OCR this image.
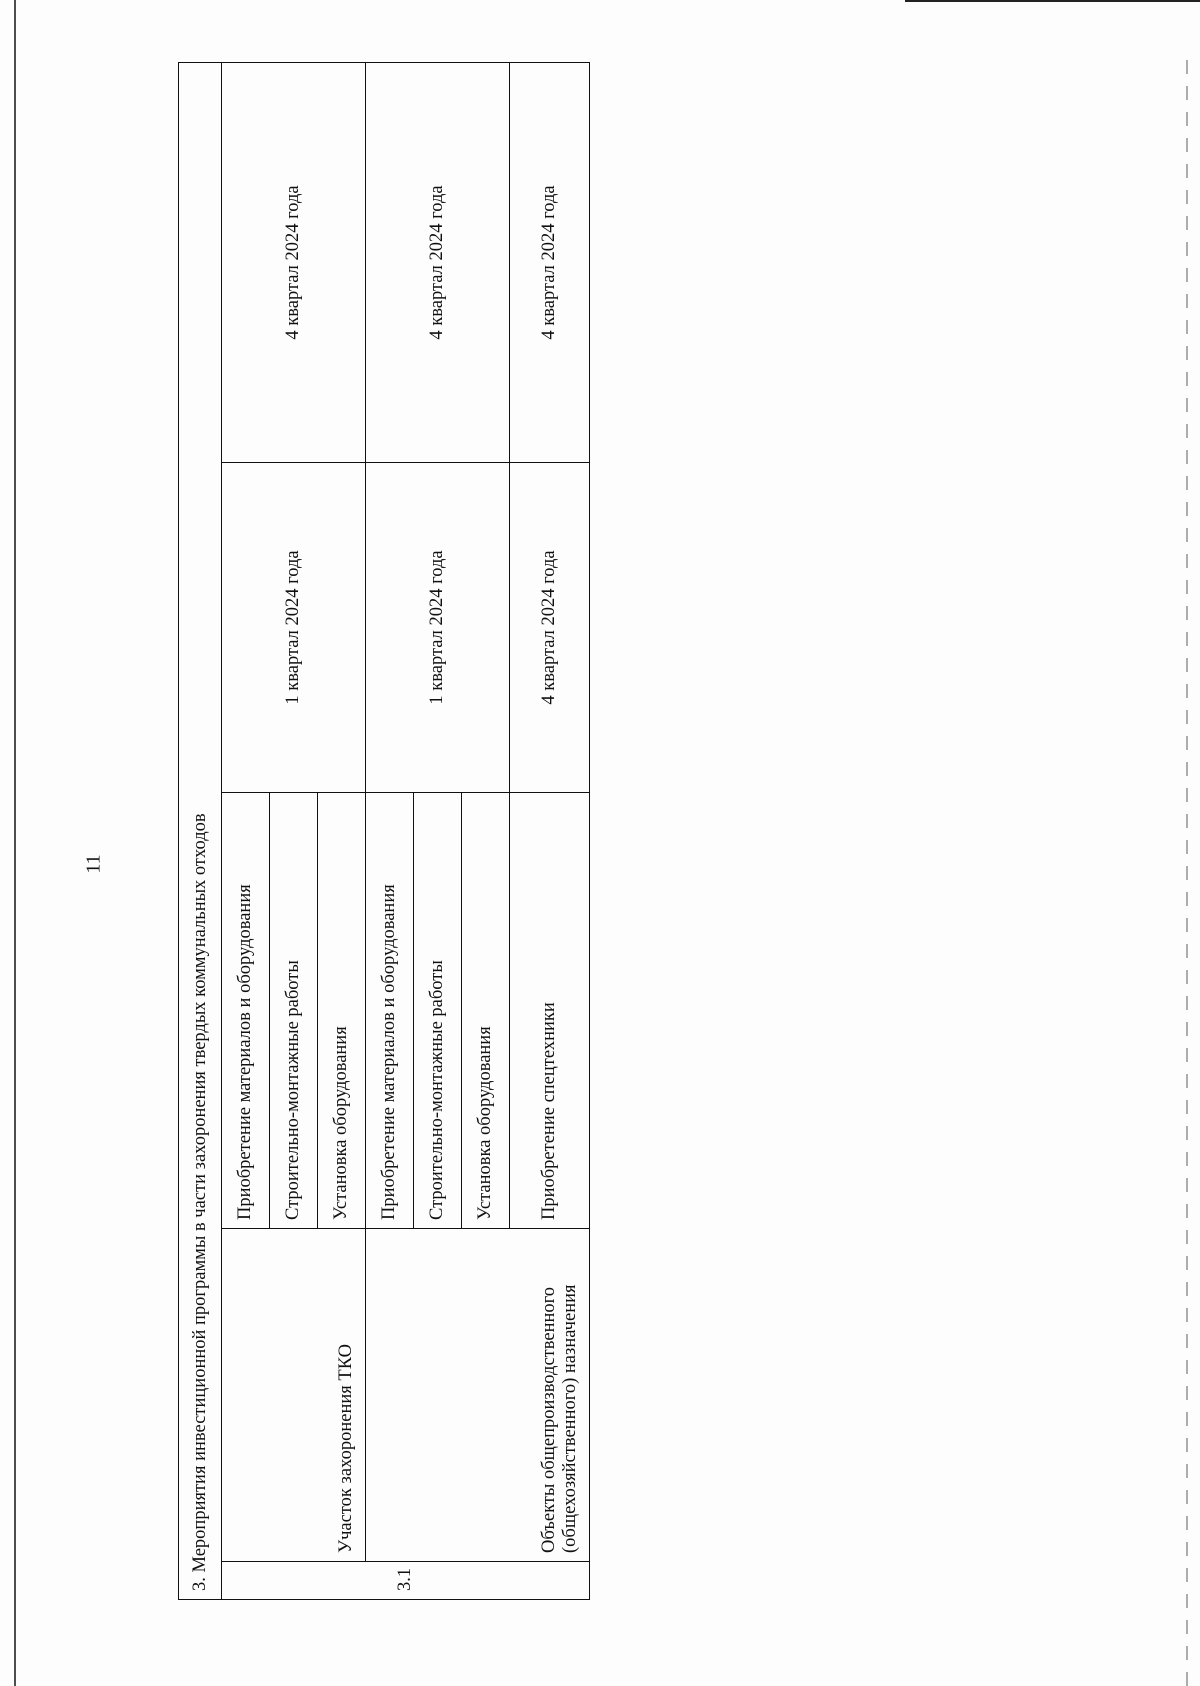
11	3. Мероприятия инвестиционной программы в части захоронения твердых коммунальных отходов				
3.1	Участок захоронения ТКО	Приобретение материалов и оборудования	1 квартал 2024 года	4 квартал 2024 года
		Строительно-монтажные работы		
		Установка оборудования		
	Объекты общепроизводственного (общехозяйственного) назначения	Приобретение материалов и оборудования	1 квартал 2024 года	4 квартал 2024 года
		Строительно-монтажные работы		
		Установка оборудования		
		Приобретение спецтехники	4 квартал 2024 года	4 квартал 2024 года
